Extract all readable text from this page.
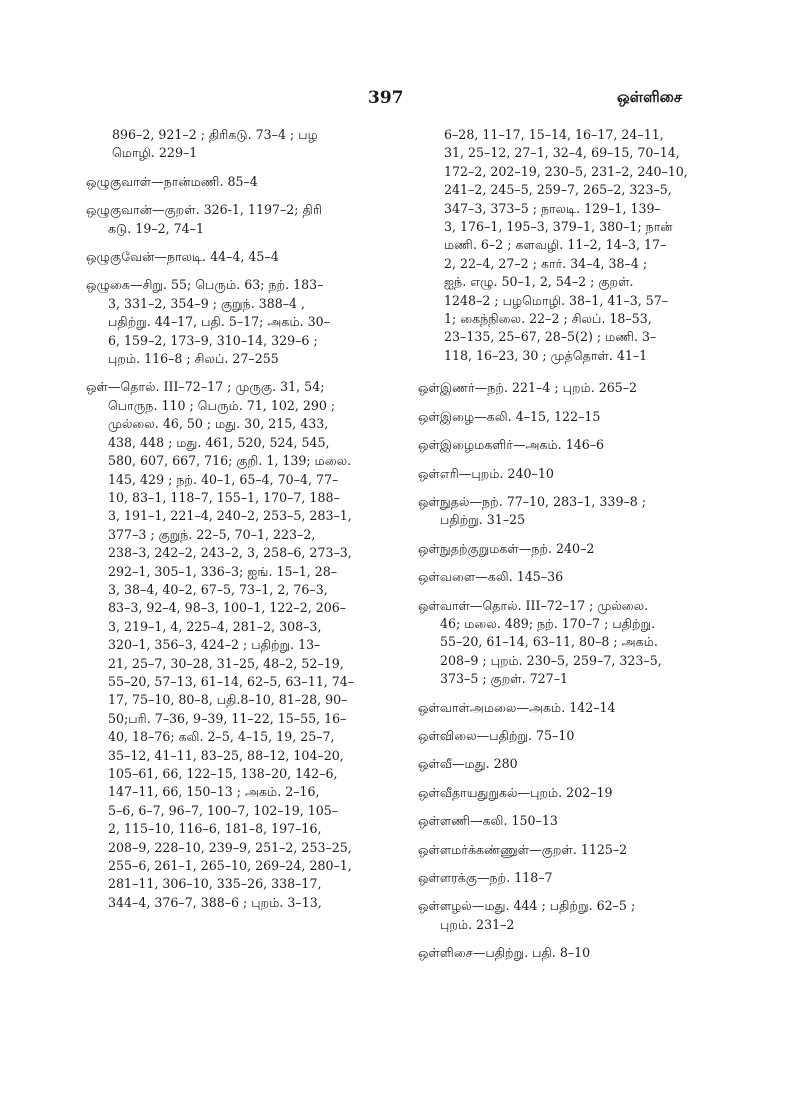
397	ஒள்ளிசை
896–2, 921–2 ; திரிகடு. 73–4 ; பழ
மொழி. 229–1
ஒழுகுவாள்—நான்மணி. 85–4
ஒழுகுவான்—குறள். 326-1, 1197–2; திரி
கடு. 19–2, 74–1
ஒழுகுவேன்—நாலடி. 44–4, 45–4
ஒழுகை—சிறு. 55; பெரும். 63; நற். 183–
3, 331–2, 354–9 ; குறுந். 388–4 ,
பதிற்று. 44–17, பதி. 5–17; அகம். 30–
6, 159–2, 173–9, 310–14, 329–6 ;
புறம். 116–8 ; சிலப். 27–255
ஒள்—தொல். III–72–17 ; முருகு. 31, 54;
பொருந. 110 ; பெரும். 71, 102, 290 ;
முல்லை. 46, 50 ; மது. 30, 215, 433,
438, 448 ; மது. 461, 520, 524, 545,
580, 607, 667, 716; குறி. 1, 139; மலை.
145, 429 ; நற். 40–1, 65–4, 70–4, 77–
10, 83–1, 118–7, 155–1, 170–7, 188–
3, 191–1, 221–4, 240–2, 253–5, 283–1,
377–3 ; குறுந். 22–5, 70–1, 223–2,
238–3, 242–2, 243–2, 3, 258–6, 273–3,
292–1, 305–1, 336–3; ஐங். 15–1, 28–
3, 38–4, 40–2, 67–5, 73–1, 2, 76–3,
83–3, 92–4, 98–3, 100–1, 122–2, 206–
3, 219–1, 4, 225–4, 281–2, 308–3,
320–1, 356–3, 424–2 ; பதிற்று. 13–
21, 25–7, 30–28, 31–25, 48–2, 52–19,
55–20, 57–13, 61–14, 62–5, 63–11, 74–
17, 75–10, 80–8, பதி.8–10, 81–28, 90–
50;பரி. 7–36, 9–39, 11–22, 15–55, 16–
40, 18–76; கலி. 2–5, 4–15, 19, 25–7,
35–12, 41–11, 83–25, 88–12, 104–20,
105–61, 66, 122–15, 138–20, 142–6,
147–11, 66, 150–13 ; அகம். 2–16,
5–6, 6–7, 96–7, 100–7, 102–19, 105–
2, 115–10, 116–6, 181–8, 197–16,
208–9, 228–10, 239–9, 251–2, 253–25,
255–6, 261–1, 265–10, 269–24, 280–1,
281–11, 306–10, 335–26, 338–17,
344–4, 376–7, 388–6 ; புறம். 3–13,
6–28, 11–17, 15–14, 16–17, 24–11,
31, 25–12, 27–1, 32–4, 69–15, 70–14,
172–2, 202–19, 230–5, 231–2, 240–10,
241–2, 245–5, 259–7, 265–2, 323–5,
347–3, 373–5 ; நாலடி. 129–1, 139–
3, 176–1, 195–3, 379–1, 380–1; நான்
மணி. 6–2 ; களவழி. 11–2, 14–3, 17–
2, 22–4, 27–2 ; கார். 34–4, 38–4 ;
ஐந். எழு. 50–1, 2, 54–2 ; குறள்.
1248–2 ; பழமொழி. 38–1, 41–3, 57–
1; கைந்நிலை. 22–2 ; சிலப். 18–53,
23–135, 25–67, 28–5(2) ; மணி. 3–
118, 16–23, 30 ; முத்தொள். 41–1
ஒள்இணர்—நற். 221–4 ; புறம். 265–2
ஒள்இழை—கலி. 4–15, 122–15
ஒள்இழைமகளிர்—அகம். 146–6
ஒள்எரி—புறம். 240–10
ஒள்நுதல்—நற். 77–10, 283–1, 339–8 ;
பதிற்று. 31–25
ஒள்நுதற்குறுமகள்—நற். 240–2
ஒள்வளை—கலி. 145–36
ஒள்வாள்—தொல். III–72–17 ; முல்லை.
46; மலை. 489; நற். 170–7 ; பதிற்று.
55–20, 61–14, 63–11, 80–8 ; அகம்.
208–9 ; புறம். 230–5, 259–7, 323–5,
373–5 ; குறள். 727–1
ஒள்வாள்அமலை—அகம். 142–14
ஒள்விலை—பதிற்று. 75–10
ஒள்வீ—மது. 280
ஒள்வீதாயதுறுகல்—புறம். 202–19
ஒள்ளணி—கலி. 150–13
ஒள்ளமர்க்கண்ணுள்—குறள். 1125–2
ஒள்ளரக்கு—நற். 118–7
ஒள்ளழல்—மது. 444 ; பதிற்று. 62–5 ;
புறம். 231–2
ஒள்ளிசை—பதிற்று. பதி. 8–10
